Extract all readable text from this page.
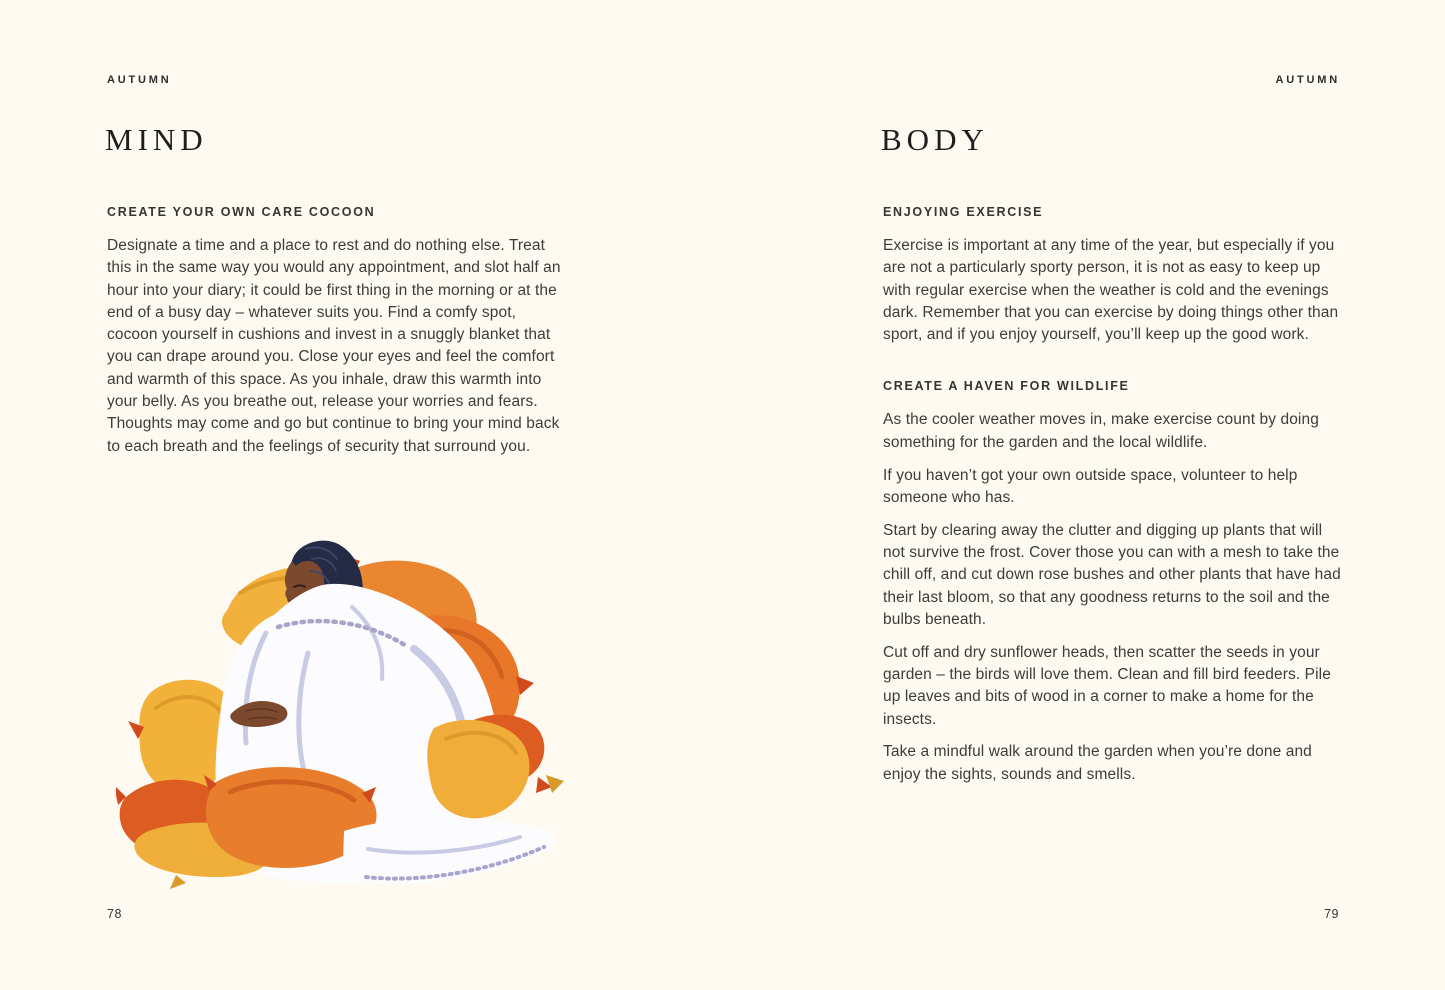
AUTUMN
MIND
CREATE YOUR OWN CARE COCOON

Designate a time and a place to rest and do nothing else. Treat this in the same way you would any appointment, and slot half an hour into your diary; it could be first thing in the morning or at the end of a busy day – whatever suits you. Find a comfy spot, cocoon yourself in cushions and invest in a snuggly blanket that you can drape around you. Close your eyes and feel the comfort and warmth of this space. As you inhale, draw this warmth into your belly. As you breathe out, release your worries and fears. Thoughts may come and go but continue to bring your mind back to each breath and the feelings of security that surround you.

78
AUTUMN
BODY
ENJOYING EXERCISE

Exercise is important at any time of the year, but especially if you are not a particularly sporty person, it is not as easy to keep up with regular exercise when the weather is cold and the evenings dark. Remember that you can exercise by doing things other than sport, and if you enjoy yourself, you’ll keep up the good work.

CREATE A HAVEN FOR WILDLIFE

As the cooler weather moves in, make exercise count by doing something for the garden and the local wildlife.

If you haven’t got your own outside space, volunteer to help someone who has.

Start by clearing away the clutter and digging up plants that will not survive the frost. Cover those you can with a mesh to take the chill off, and cut down rose bushes and other plants that have had their last bloom, so that any goodness returns to the soil and the bulbs beneath.

Cut off and dry sunflower heads, then scatter the seeds in your garden – the birds will love them. Clean and fill bird feeders. Pile up leaves and bits of wood in a corner to make a home for the insects.

Take a mindful walk around the garden when you’re done and enjoy the sights, sounds and smells.

79
